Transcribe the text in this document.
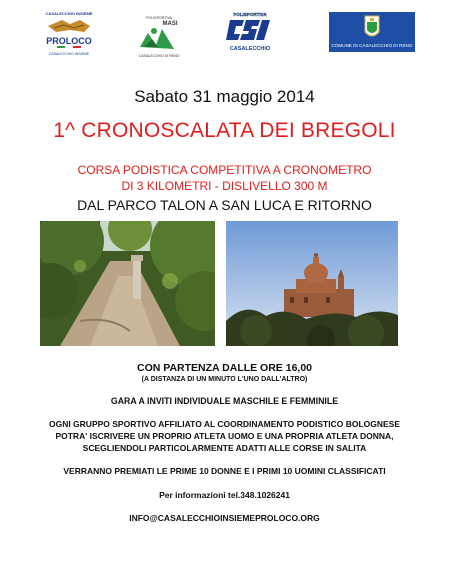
CASALECCHIO INSIEME
PROLOCO
CASALECCHIO INSIEME
POLISPORTIVA
MASI
CASALECCHIO DI RENO
POLISPORTIVA
CASALECCHIO
COMUNE DI CASALECCHIO DI RENO
Sabato 31 maggio 2014
1^ CRONOSCALATA DEI BREGOLI
CORSA PODISTICA COMPETITIVA A CRONOMETRO
DI 3 KILOMETRI - DISLIVELLO 300 M
DAL PARCO TALON A SAN LUCA E RITORNO
CON PARTENZA DALLE ORE 16,00
(A DISTANZA DI UN MINUTO L'UNO DALL'ALTRO)
GARA A INVITI INDIVIDUALE MASCHILE E FEMMINILE
OGNI GRUPPO SPORTIVO AFFILIATO AL COORDINAMENTO PODISTICO BOLOGNESE
POTRA' ISCRIVERE UN PROPRIO ATLETA UOMO E UNA PROPRIA ATLETA DONNA,
SCEGLIENDOLI PARTICOLARMENTE ADATTI ALLE CORSE IN SALITA
VERRANNO PREMIATI LE PRIME 10 DONNE E I PRIMI 10 UOMINI CLASSIFICATI
Per informazioni tel.348.1026241
INFO@CASALECCHIOINSIEMEPROLOCO.ORG
